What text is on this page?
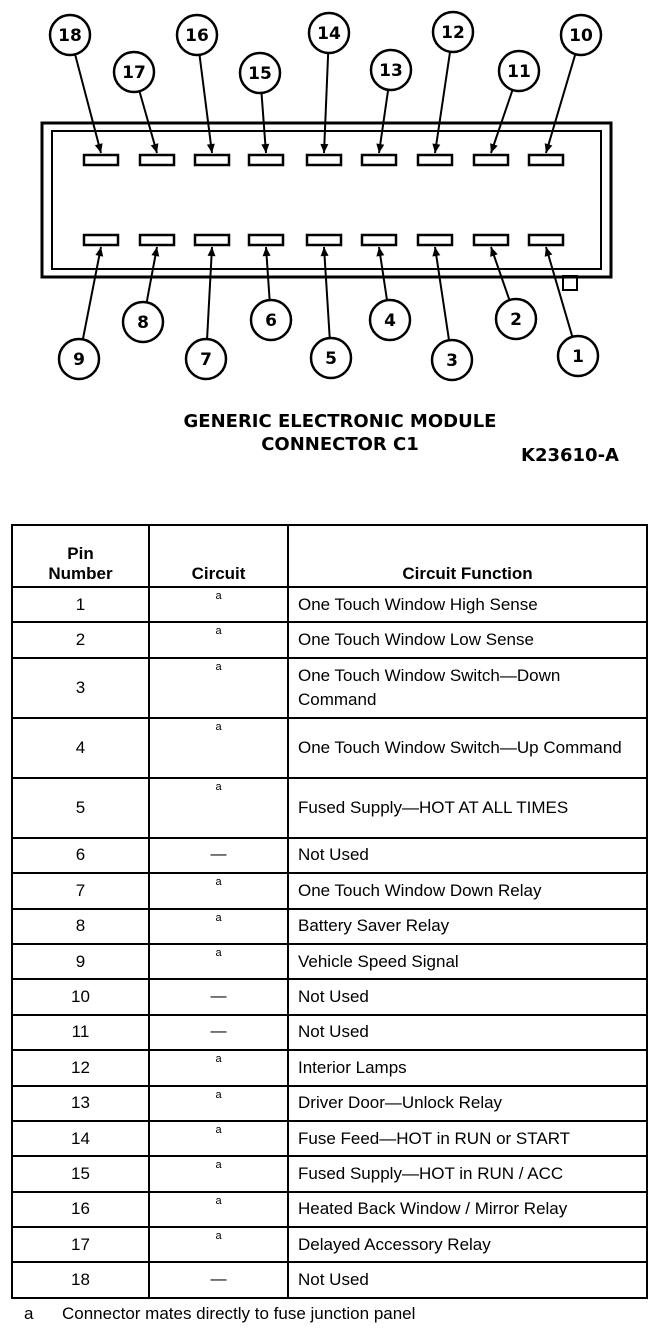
18
17
16
15
14
13
12
11
10
9
8
7
6
5
4
3
2
1
GENERIC ELECTRONIC MODULE
CONNECTOR C1
K23610-A
Pin
Number	Circuit	Circuit Function
1	a	One Touch Window High Sense
2	a	One Touch Window Low Sense
3	a	One Touch Window Switch—Down Command
4	a	One Touch Window Switch—Up Command
5	a	Fused Supply—HOT AT ALL TIMES
6	—	Not Used
7	a	One Touch Window Down Relay
8	a	Battery Saver Relay
9	a	Vehicle Speed Signal
10	—	Not Used
11	—	Not Used
12	a	Interior Lamps
13	a	Driver Door—Unlock Relay
14	a	Fuse Feed—HOT in RUN or START
15	a	Fused Supply—HOT in RUN / ACC
16	a	Heated Back Window / Mirror Relay
17	a	Delayed Accessory Relay
18	—	Not Used
a Connector mates directly to fuse junction panel
